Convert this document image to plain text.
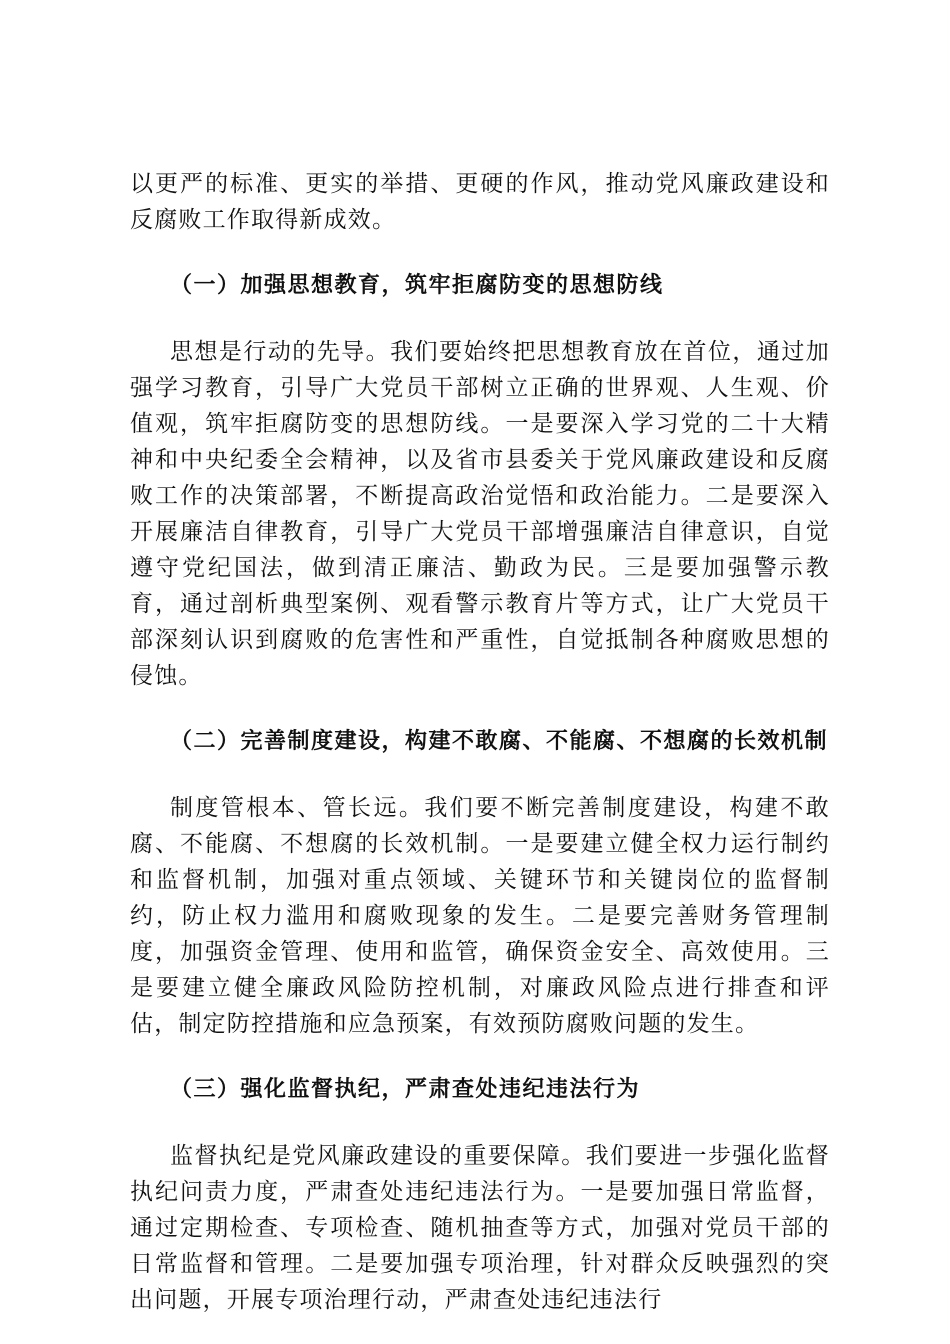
以更严的标准、更实的举措、更硬的作风，推动党风廉政建设和反腐败工作取得新成效。

（一）加强思想教育，筑牢拒腐防变的思想防线

思想是行动的先导。我们要始终把思想教育放在首位，通过加强学习教育，引导广大党员干部树立正确的世界观、人生观、价值观，筑牢拒腐防变的思想防线。一是要深入学习党的二十大精神和中央纪委全会精神，以及省市县委关于党风廉政建设和反腐败工作的决策部署，不断提高政治觉悟和政治能力。二是要深入开展廉洁自律教育，引导广大党员干部增强廉洁自律意识，自觉遵守党纪国法，做到清正廉洁、勤政为民。三是要加强警示教育，通过剖析典型案例、观看警示教育片等方式，让广大党员干部深刻认识到腐败的危害性和严重性，自觉抵制各种腐败思想的侵蚀。

（二）完善制度建设，构建不敢腐、不能腐、不想腐的长效机制

制度管根本、管长远。我们要不断完善制度建设，构建不敢腐、不能腐、不想腐的长效机制。一是要建立健全权力运行制约和监督机制，加强对重点领域、关键环节和关键岗位的监督制约，防止权力滥用和腐败现象的发生。二是要完善财务管理制度，加强资金管理、使用和监管，确保资金安全、高效使用。三是要建立健全廉政风险防控机制，对廉政风险点进行排查和评估，制定防控措施和应急预案，有效预防腐败问题的发生。

（三）强化监督执纪，严肃查处违纪违法行为

监督执纪是党风廉政建设的重要保障。我们要进一步强化监督执纪问责力度，严肃查处违纪违法行为。一是要加强日常监督，通过定期检查、专项检查、随机抽查等方式，加强对党员干部的日常监督和管理。二是要加强专项治理，针对群众反映强烈的突出问题，开展专项治理行动，严肃查处违纪违法行
